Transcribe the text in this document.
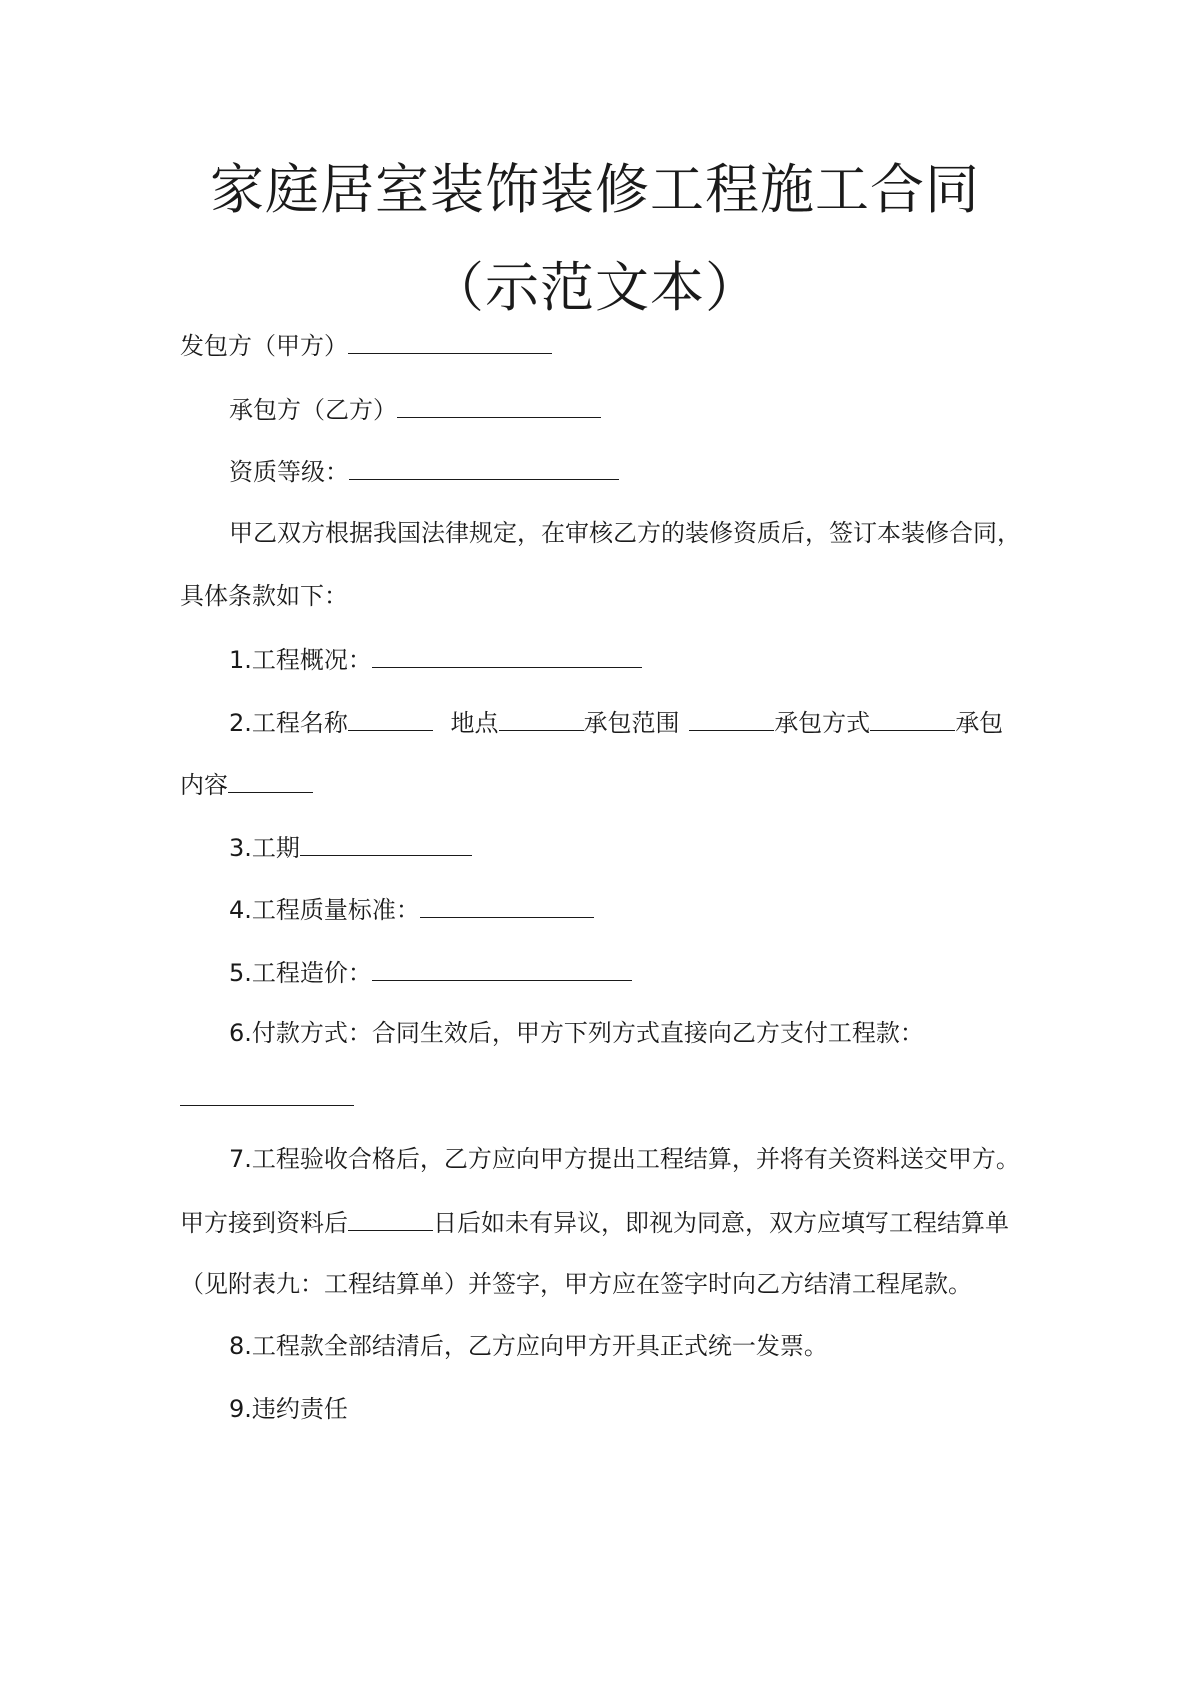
家庭居室装饰装修工程施工合同
（示范文本）
发包方（甲方）
承包方（乙方）
资质等级：
甲乙双方根据我国法律规定，在审核乙方的装修资质后，签订本装修合同，
具体条款如下：
1.工程概况：
2.工程名称	地点	承包范围	承包方式	承包
内容
3.工期
4.工程质量标准：
5.工程造价：
6.付款方式：合同生效后，甲方下列方式直接向乙方支付工程款：
7.工程验收合格后，乙方应向甲方提出工程结算，并将有关资料送交甲方。
甲方接到资料后	日后如未有异议，即视为同意，双方应填写工程结算单
（见附表九：工程结算单）并签字，甲方应在签字时向乙方结清工程尾款。
8.工程款全部结清后，乙方应向甲方开具正式统一发票。
9.违约责任
